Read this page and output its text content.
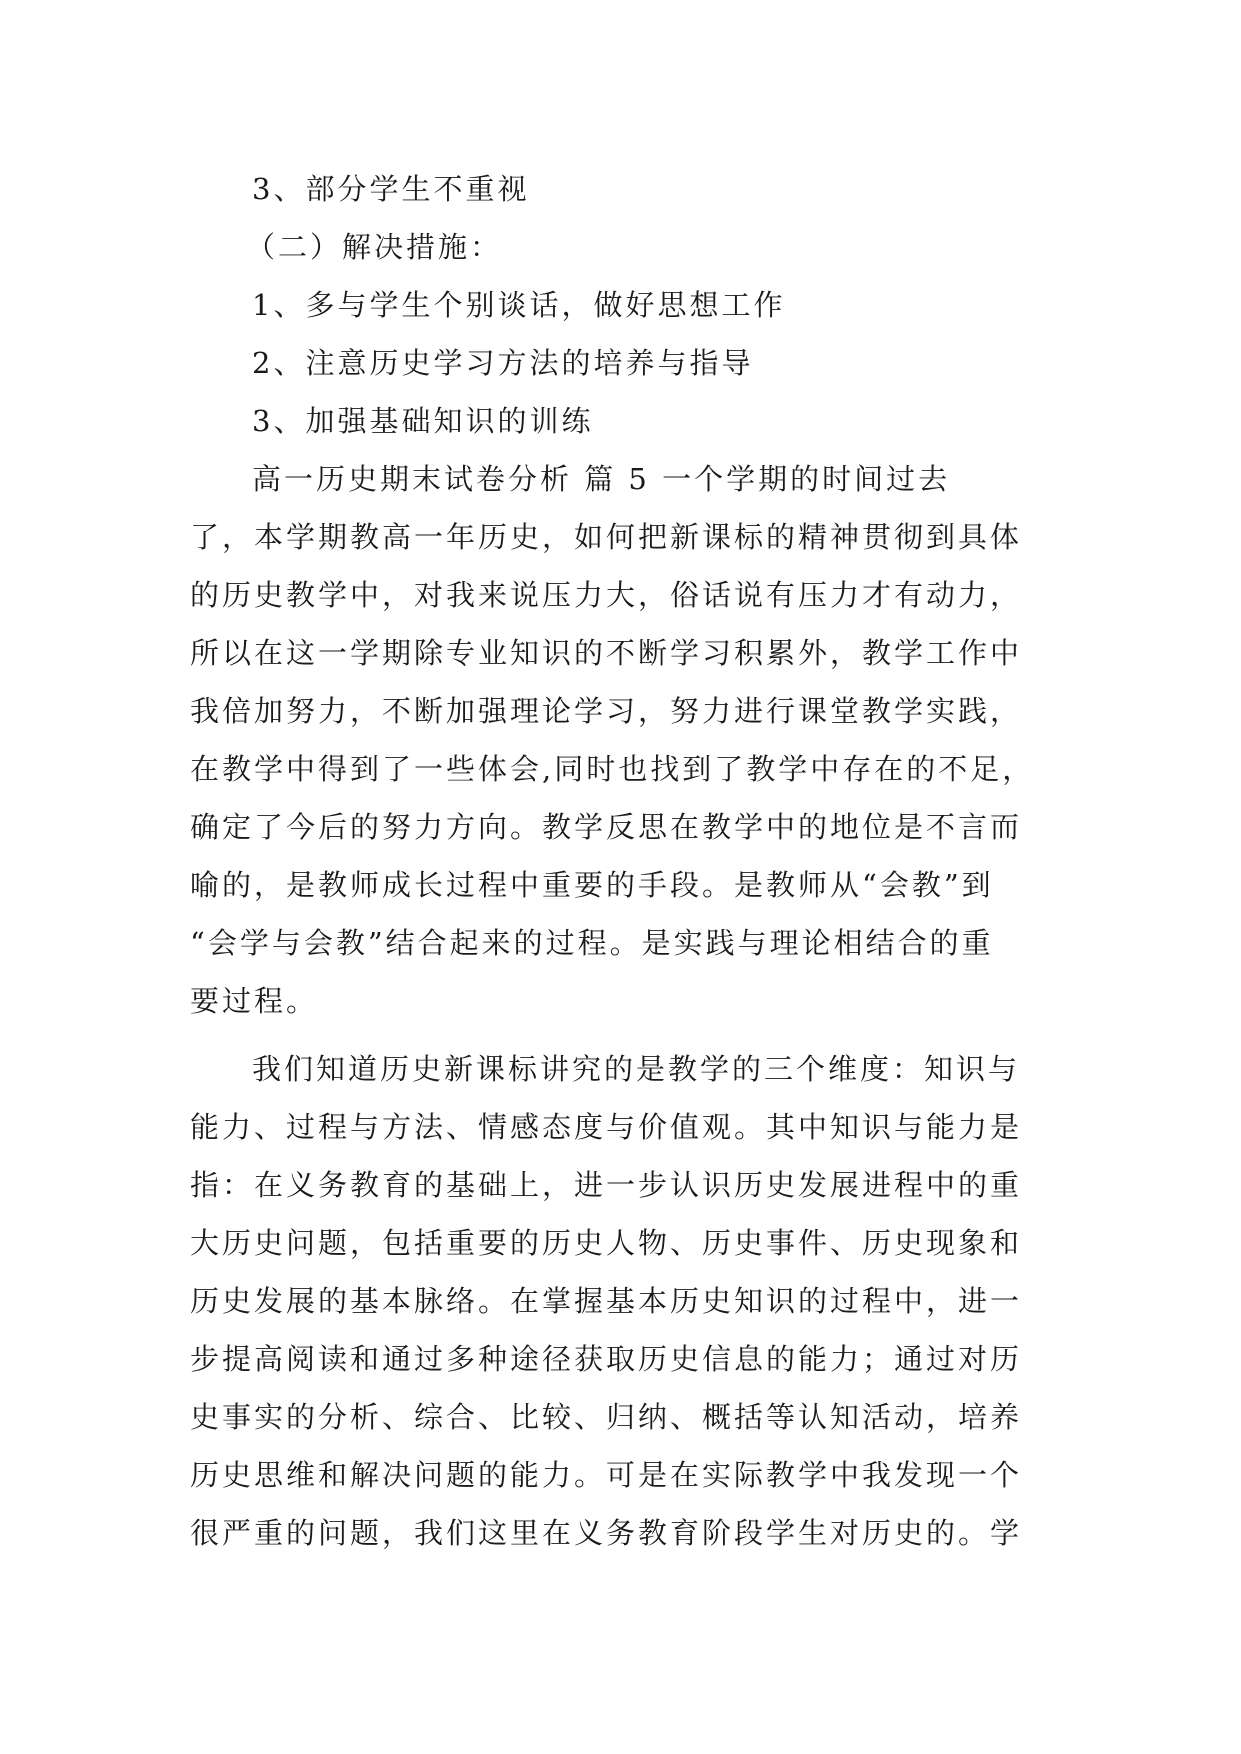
3、部分学生不重视
（二）解决措施：
1、多与学生个别谈话，做好思想工作
2、注意历史学习方法的培养与指导
3、加强基础知识的训练
高一历史期末试卷分析 篇 5 一个学期的时间过去
了，本学期教高一年历史，如何把新课标的精神贯彻到具体
的历史教学中，对我来说压力大，俗话说有压力才有动力，
所以在这一学期除专业知识的不断学习积累外，教学工作中
我倍加努力，不断加强理论学习，努力进行课堂教学实践，
在教学中得到了一些体会,同时也找到了教学中存在的不足，
确定了今后的努力方向。教学反思在教学中的地位是不言而
喻的，是教师成长过程中重要的手段。是教师从“会教”到
“会学与会教”结合起来的过程。是实践与理论相结合的重
要过程。
我们知道历史新课标讲究的是教学的三个维度：知识与
能力、过程与方法、情感态度与价值观。其中知识与能力是
指：在义务教育的基础上，进一步认识历史发展进程中的重
大历史问题，包括重要的历史人物、历史事件、历史现象和
历史发展的基本脉络。在掌握基本历史知识的过程中，进一
步提高阅读和通过多种途径获取历史信息的能力；通过对历
史事实的分析、综合、比较、归纳、概括等认知活动，培养
历史思维和解决问题的能力。可是在实际教学中我发现一个
很严重的问题，我们这里在义务教育阶段学生对历史的。学
